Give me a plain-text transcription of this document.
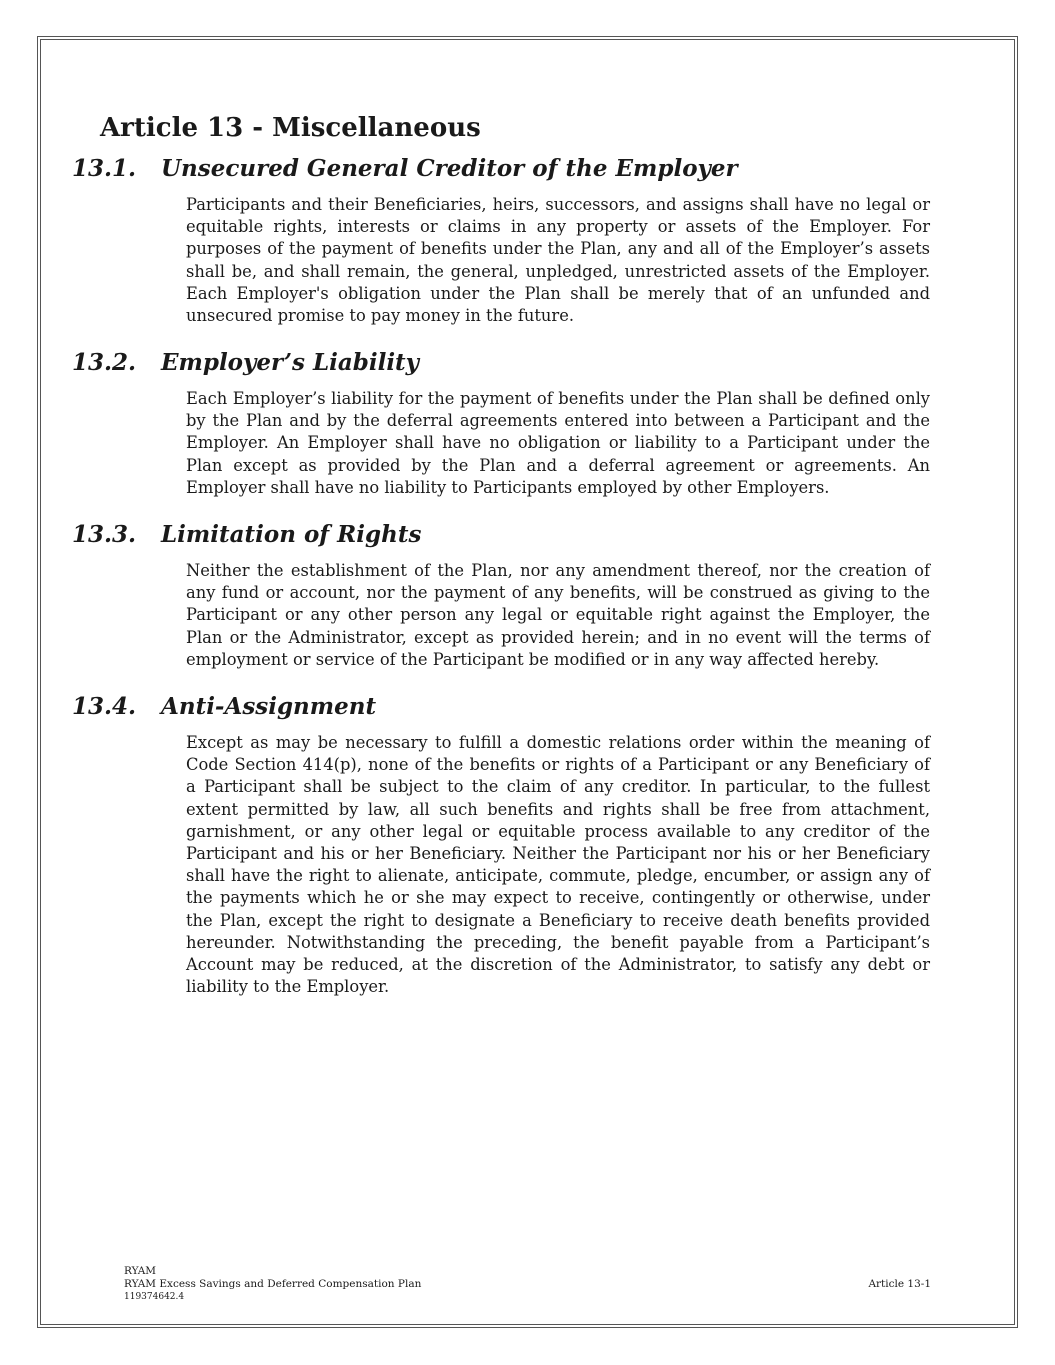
Article 13 - Miscellaneous
13.1. Unsecured General Creditor of the Employer

Participants and their Beneficiaries, heirs, successors, and assigns shall have no legal or equitable rights, interests or claims in any property or assets of the Employer. For purposes of the payment of benefits under the Plan, any and all of the Employer’s assets shall be, and shall remain, the general, unpledged, unrestricted assets of the Employer. Each Employer's obligation under the Plan shall be merely that of an unfunded and unsecured promise to pay money in the future.

13.2. Employer’s Liability

Each Employer’s liability for the payment of benefits under the Plan shall be defined only by the Plan and by the deferral agreements entered into between a Participant and the Employer. An Employer shall have no obligation or liability to a Participant under the Plan except as provided by the Plan and a deferral agreement or agreements. An Employer shall have no liability to Participants employed by other Employers.

13.3. Limitation of Rights

Neither the establishment of the Plan, nor any amendment thereof, nor the creation of any fund or account, nor the payment of any benefits, will be construed as giving to the Participant or any other person any legal or equitable right against the Employer, the Plan or the Administrator, except as provided herein; and in no event will the terms of employment or service of the Participant be modified or in any way affected hereby.

13.4. Anti-Assignment

Except as may be necessary to fulfill a domestic relations order within the meaning of Code Section 414(p), none of the benefits or rights of a Participant or any Beneficiary of a Participant shall be subject to the claim of any creditor. In particular, to the fullest extent permitted by law, all such benefits and rights shall be free from attachment, garnishment, or any other legal or equitable process available to any creditor of the Participant and his or her Beneficiary. Neither the Participant nor his or her Beneficiary shall have the right to alienate, anticipate, commute, pledge, encumber, or assign any of the payments which he or she may expect to receive, contingently or otherwise, under the Plan, except the right to designate a Beneficiary to receive death benefits provided hereunder. Notwithstanding the preceding, the benefit payable from a Participant’s Account may be reduced, at the discretion of the Administrator, to satisfy any debt or liability to the Employer.

RYAM
RYAM Excess Savings and Deferred Compensation Plan
119374642.4
Article 13-1
